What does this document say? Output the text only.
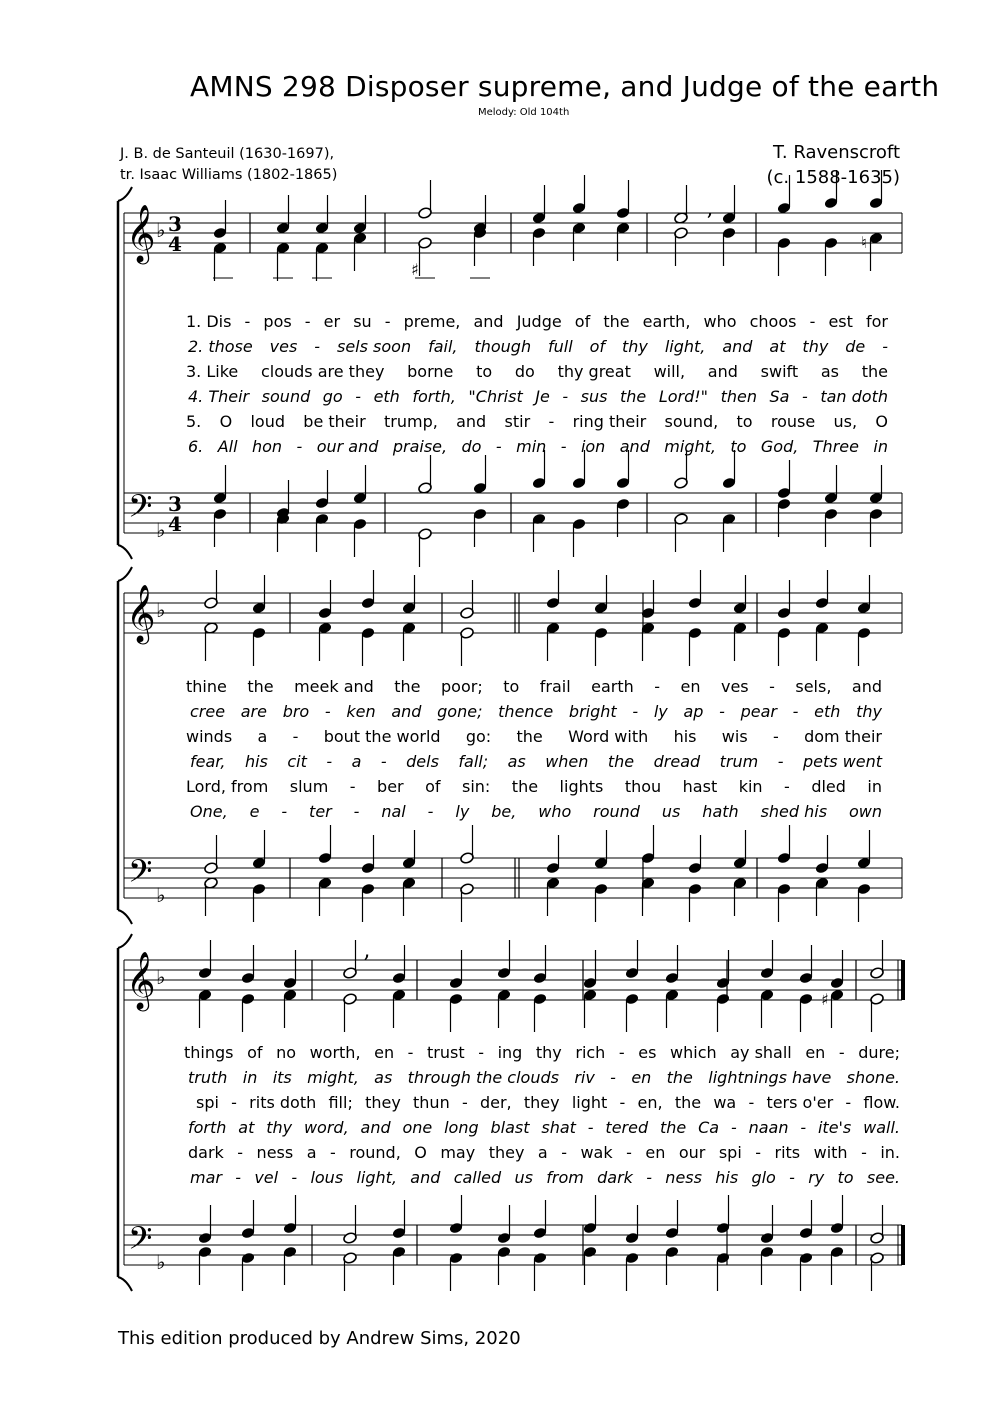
AMNS 298 Disposer supreme, and Judge of the earth
Melody: Old 104th
J. B. de Santeuil (1630-1697),
tr. Isaac Williams (1802-1865)
T. Ravenscroft
(c. 1588-1635)
𝄞 ♭ 3
4
𝄢 ♭
3
4
𝄞 ♭
𝄢 ♭
𝄞 ♭
𝄢 ♭
’
’
♯
♮
♯
1. Dis - pos - er su - preme, and Judge of the earth, who choos - est for
2. those ves - sels soon fail, though full of thy light, and at thy de -
3. Like clouds are they borne to do thy great will, and swift as the
4. Their sound go - eth forth, "Christ Je - sus the Lord!" then Sa - tan doth
5. O loud be their trump, and stir - ring their sound, to rouse us, O
6. All hon - our and praise, do - min - ion and might, to God, Three in
thine the meek and the poor; to frail earth - en ves - sels, and
cree are bro - ken and gone; thence bright - ly ap - pear - eth thy
winds a - bout the world go: the Word with his wis - dom their
fear, his cit - a - dels fall; as when the dread trum - pets went
Lord, from slum - ber of sin: the lights thou hast kin - dled in
One, e - ter - nal - ly be, who round us hath shed his own
things of no worth, en - trust - ing thy rich - es which ay shall en - dure;
truth in its might, as through the clouds riv - en the lightnings have shone.
spi - rits doth fill; they thun - der, they light - en, the wa - ters o'er - flow.
forth at thy word, and one long blast shat - tered the Ca - naan - ite's wall.
dark - ness a - round, O may they a - wak - en our spi - rits with - in.
mar - vel - lous light, and called us from dark - ness his glo - ry to see.
This edition produced by Andrew Sims, 2020
